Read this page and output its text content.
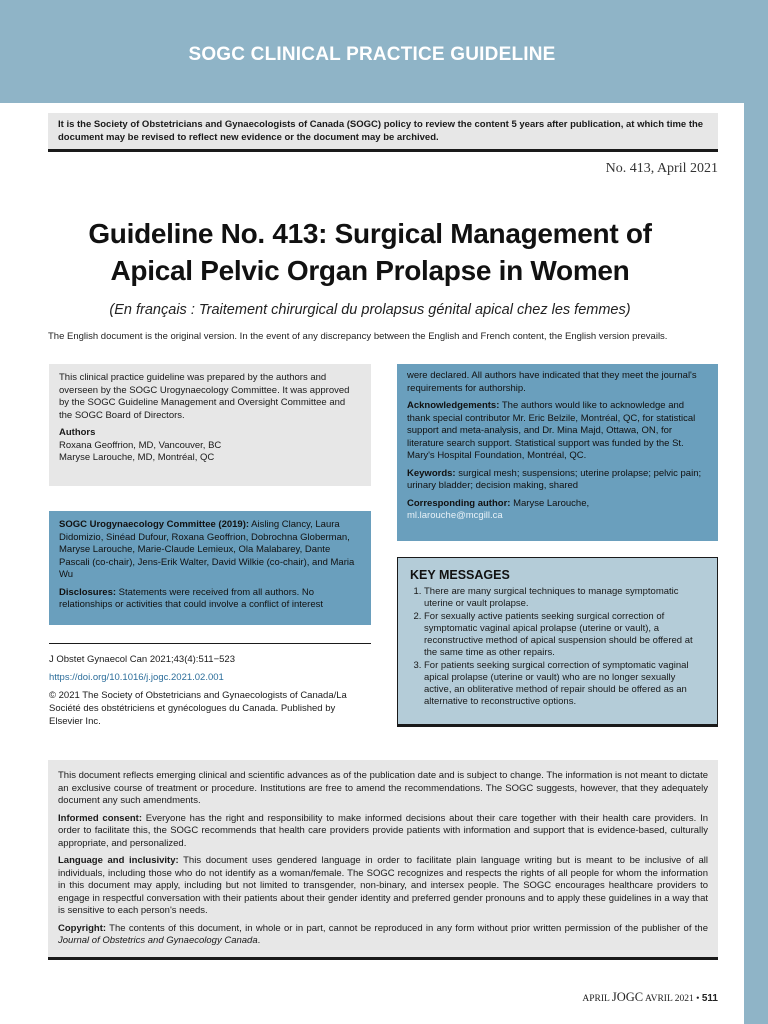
SOGC CLINICAL PRACTICE GUIDELINE
It is the Society of Obstetricians and Gynaecologists of Canada (SOGC) policy to review the content 5 years after publication, at which time the document may be revised to reflect new evidence or the document may be archived.
No. 413, April 2021
Guideline No. 413: Surgical Management of
Apical Pelvic Organ Prolapse in Women
(En français : Traitement chirurgical du prolapsus génital apical chez les femmes)
The English document is the original version. In the event of any discrepancy between the English and French content, the English version prevails.

This clinical practice guideline was prepared by the authors and overseen by the SOGC Urogynaecology Committee. It was approved by the SOGC Guideline Management and Oversight Committee and the SOGC Board of Directors.

Authors
Roxana Geoffrion, MD, Vancouver, BC
Maryse Larouche, MD, Montréal, QC

SOGC Urogynaecology Committee (2019): Aisling Clancy, Laura Didomizio, Sinéad Dufour, Roxana Geoffrion, Dobrochna Globerman, Maryse Larouche, Marie-Claude Lemieux, Ola Malabarey, Dante Pascali (co-chair), Jens-Erik Walter, David Wilkie (co-chair), and Maria Wu

Disclosures: Statements were received from all authors. No relationships or activities that could involve a conflict of interest

were declared. All authors have indicated that they meet the journal's requirements for authorship.

Acknowledgements: The authors would like to acknowledge and thank special contributor Mr. Eric Belzile, Montréal, QC, for statistical support and meta-analysis, and Dr. Mina Majd, Ottawa, ON, for literature search support. Statistical support was funded by the St. Mary's Hospital Foundation, Montréal, QC.

Keywords: surgical mesh; suspensions; uterine prolapse; pelvic pain; urinary bladder; decision making, shared

Corresponding author: Maryse Larouche,
ml.larouche@mcgill.ca

J Obstet Gynaecol Can 2021;43(4):511−523

https://doi.org/10.1016/j.jogc.2021.02.001

© 2021 The Society of Obstetricians and Gynaecologists of Canada/La Société des obstétriciens et gynécologues du Canada. Published by Elsevier Inc.

KEY MESSAGES
1. There are many surgical techniques to manage symptomatic uterine or vault prolapse.
2. For sexually active patients seeking surgical correction of symptomatic vaginal apical prolapse (uterine or vault), a reconstructive method of apical suspension should be offered at the same time as other repairs.
3. For patients seeking surgical correction of symptomatic vaginal apical prolapse (uterine or vault) who are no longer sexually active, an obliterative method of repair should be offered as an alternative to reconstructive options.

This document reflects emerging clinical and scientific advances as of the publication date and is subject to change. The information is not meant to dictate an exclusive course of treatment or procedure. Institutions are free to amend the recommendations. The SOGC suggests, however, that they adequately document any such amendments.

Informed consent: Everyone has the right and responsibility to make informed decisions about their care together with their health care providers. In order to facilitate this, the SOGC recommends that health care providers provide patients with information and support that is evidence-based, culturally appropriate, and personalized.

Language and inclusivity: This document uses gendered language in order to facilitate plain language writing but is meant to be inclusive of all individuals, including those who do not identify as a woman/female. The SOGC recognizes and respects the rights of all people for whom the information in this document may apply, including but not limited to transgender, non-binary, and intersex people. The SOGC encourages healthcare providers to engage in respectful conversation with their patients about their gender identity and preferred gender pronouns and to apply these guidelines in a way that is sensitive to each person's needs.

Copyright: The contents of this document, in whole or in part, cannot be reproduced in any form without prior written permission of the publisher of the Journal of Obstetrics and Gynaecology Canada.

APRIL JOGC AVRIL 2021 • 511
